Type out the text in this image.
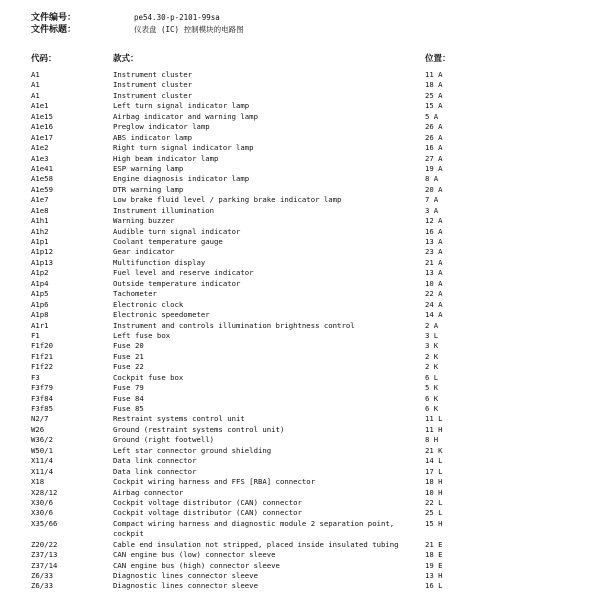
文件编号：	pe54.30-p-2101-99sa
文件标题：	仪表盘 (IC) 控制模块的电路图
代码：	款式：	位置：
A1	Instrument cluster	11 A
A1	Instrument cluster	18 A
A1	Instrument cluster	25 A
A1e1	Left turn signal indicator lamp	15 A
A1e15	Airbag indicator and warning lamp	5 A
A1e16	Preglow indicator lamp	26 A
A1e17	ABS indicator lamp	26 A
A1e2	Right turn signal indicator lamp	16 A
A1e3	High beam indicator lamp	27 A
A1e41	ESP warning lamp	19 A
A1e58	Engine diagnosis indicator lamp	8 A
A1e59	DTR warning lamp	20 A
A1e7	Low brake fluid level / parking brake indicator lamp	7 A
A1e8	Instrument illumination	3 A
A1h1	Warning buzzer	12 A
A1h2	Audible turn signal indicator	16 A
A1p1	Coolant temperature gauge	13 A
A1p12	Gear indicator	23 A
A1p13	Multifunction display	21 A
A1p2	Fuel level and reserve indicator	13 A
A1p4	Outside temperature indicator	10 A
A1p5	Tachometer	22 A
A1p6	Electronic clock	24 A
A1p8	Electronic speedometer	14 A
A1r1	Instrument and controls illumination brightness control	2 A
F1	Left fuse box	3 L
F1f20	Fuse 20	3 K
F1f21	Fuse 21	2 K
F1f22	Fuse 22	2 K
F3	Cockpit fuse box	6 L
F3f79	Fuse 79	5 K
F3f84	Fuse 84	6 K
F3f85	Fuse 85	6 K
N2/7	Restraint systems control unit	11 L
W26	Ground (restraint systems control unit)	11 H
W36/2	Ground (right footwell)	8 H
W50/1	Left star connector ground shielding	21 K
X11/4	Data link connector	14 L
X11/4	Data link connector	17 L
X18	Cockpit wiring harness and FFS [RBA] connector	18 H
X28/12	Airbag connector	10 H
X30/6	Cockpit voltage distributor (CAN) connector	22 L
X30/6	Cockpit voltage distributor (CAN) connector	25 L
X35/66	Compact wiring harness and diagnostic module 2 separation point,	15 H
cockpit
Z20/22	Cable end insulation not stripped, placed inside insulated tubing	21 E
Z37/13	CAN engine bus (low) connector sleeve	18 E
Z37/14	CAN engine bus (high) connector sleeve	19 E
Z6/33	Diagnostic lines connector sleeve	13 H
Z6/33	Diagnostic lines connector sleeve	16 L
